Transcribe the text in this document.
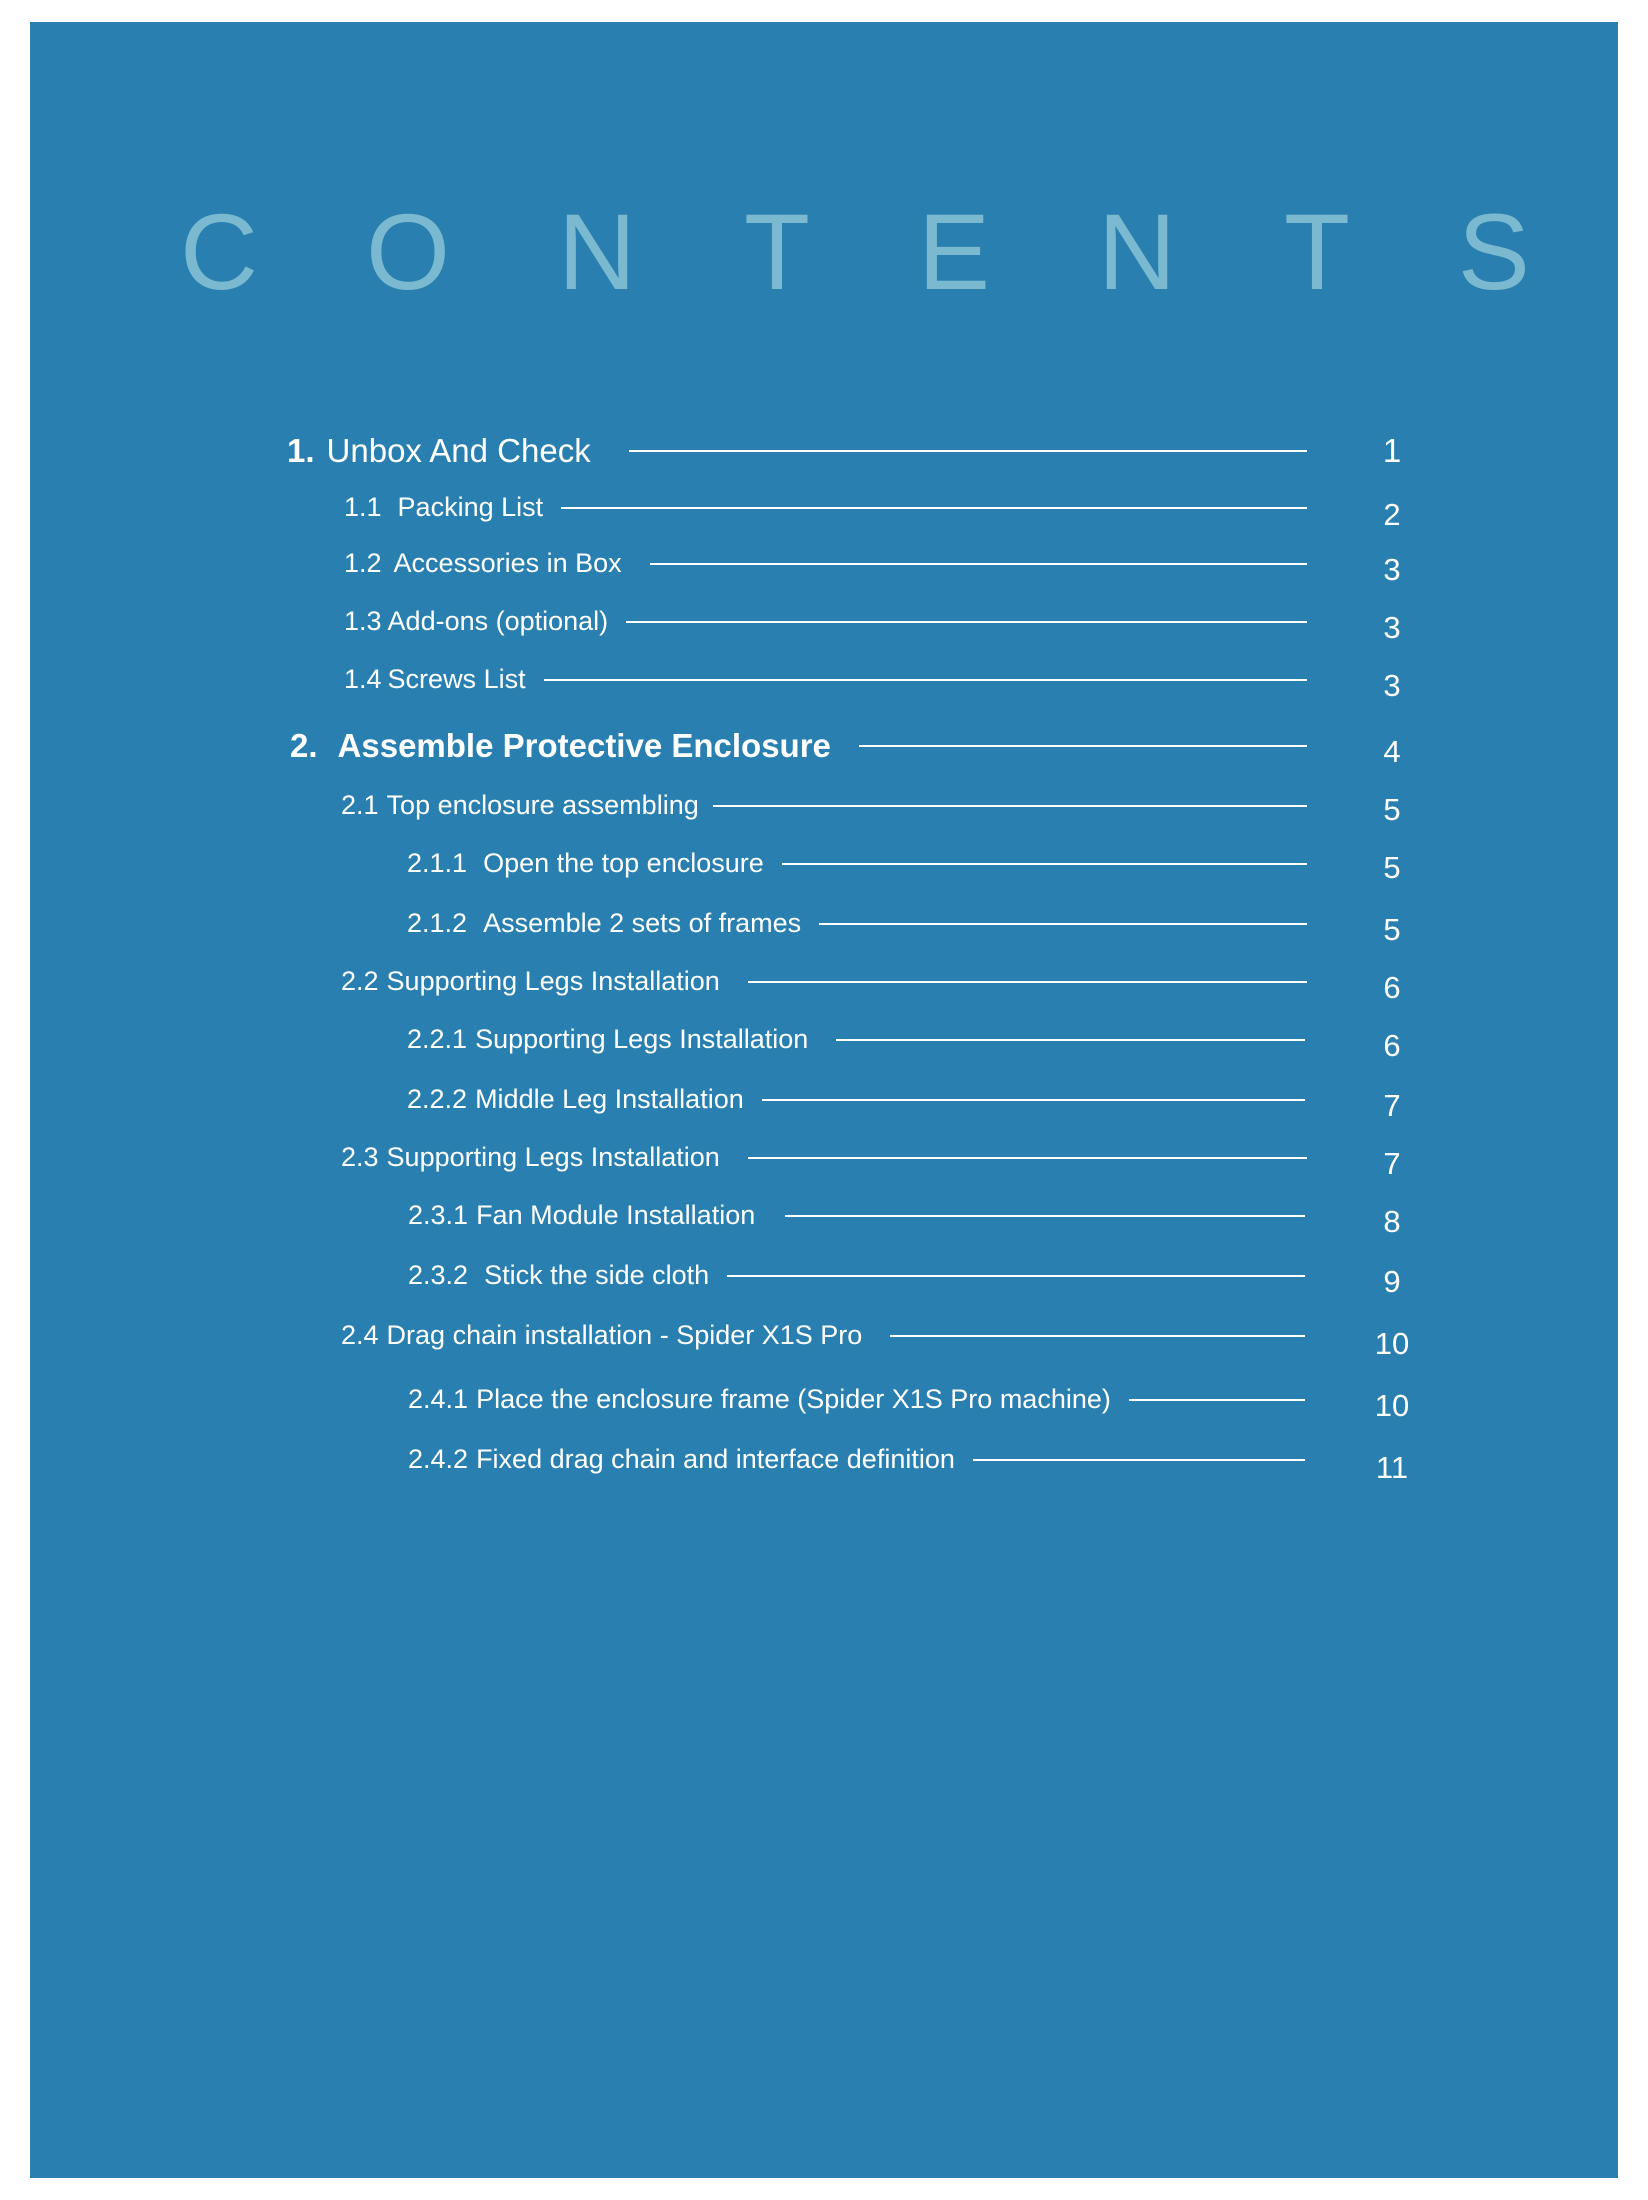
C O N T E N T S
1. Unbox And Check	1
1.1 Packing List	2
1.2 Accessories in Box	3
1.3 Add-ons (optional)	3
1.4 Screws List	3
2. Assemble Protective Enclosure	4
2.1 Top enclosure assembling	5
2.1.1 Open the top enclosure	5
2.1.2 Assemble 2 sets of frames	5
2.2 Supporting Legs Installation	6
2.2.1 Supporting Legs Installation	6
2.2.2 Middle Leg Installation	7
2.3 Supporting Legs Installation	7
2.3.1 Fan Module Installation	8
2.3.2 Stick the side cloth	9
2.4 Drag chain installation - Spider X1S Pro	10
2.4.1 Place the enclosure frame (Spider X1S Pro machine)	10
2.4.2 Fixed drag chain and interface definition	11
